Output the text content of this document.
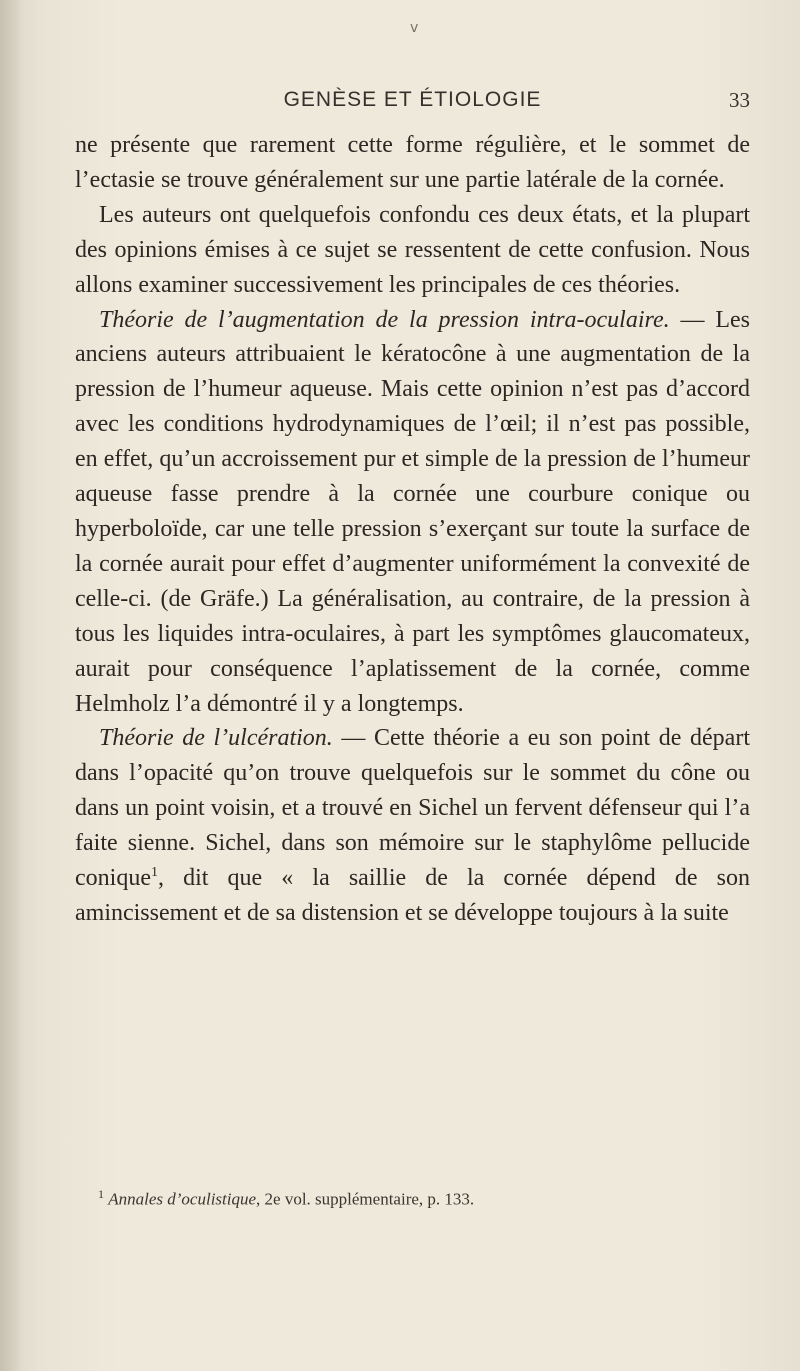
v
GENÈSE ET ÉTIOLOGIE	33

ne présente que rarement cette forme régulière, et le sommet de l’ectasie se trouve généralement sur une partie latérale de la cornée.

Les auteurs ont quelquefois confondu ces deux états, et la plupart des opinions émises à ce sujet se ressentent de cette confusion. Nous allons examiner successivement les principales de ces théories.

Théorie de l’augmentation de la pression intra-oculaire. — Les anciens auteurs attribuaient le kératocône à une augmentation de la pression de l’humeur aqueuse. Mais cette opinion n’est pas d’accord avec les conditions hydrodynamiques de l’œil; il n’est pas possible, en effet, qu’un accroissement pur et simple de la pression de l’humeur aqueuse fasse prendre à la cornée une courbure conique ou hyperboloïde, car une telle pression s’exerçant sur toute la surface de la cornée aurait pour effet d’augmenter uniformément la convexité de celle-ci. (de Gräfe.) La généralisation, au contraire, de la pression à tous les liquides intra-oculaires, à part les symptômes glaucomateux, aurait pour conséquence l’aplatissement de la cornée, comme Helmholz l’a démontré il y a longtemps.

Théorie de l’ulcération. — Cette théorie a eu son point de départ dans l’opacité qu’on trouve quelquefois sur le sommet du cône ou dans un point voisin, et a trouvé en Sichel un fervent défenseur qui l’a faite sienne. Sichel, dans son mémoire sur le staphylôme pellucide conique$^1$, dit que « la saillie de la cornée dépend de son amincissement et de sa distension et se développe toujours à la suite

$^1$ Annales d’oculistique, 2e vol. supplémentaire, p. 133.
